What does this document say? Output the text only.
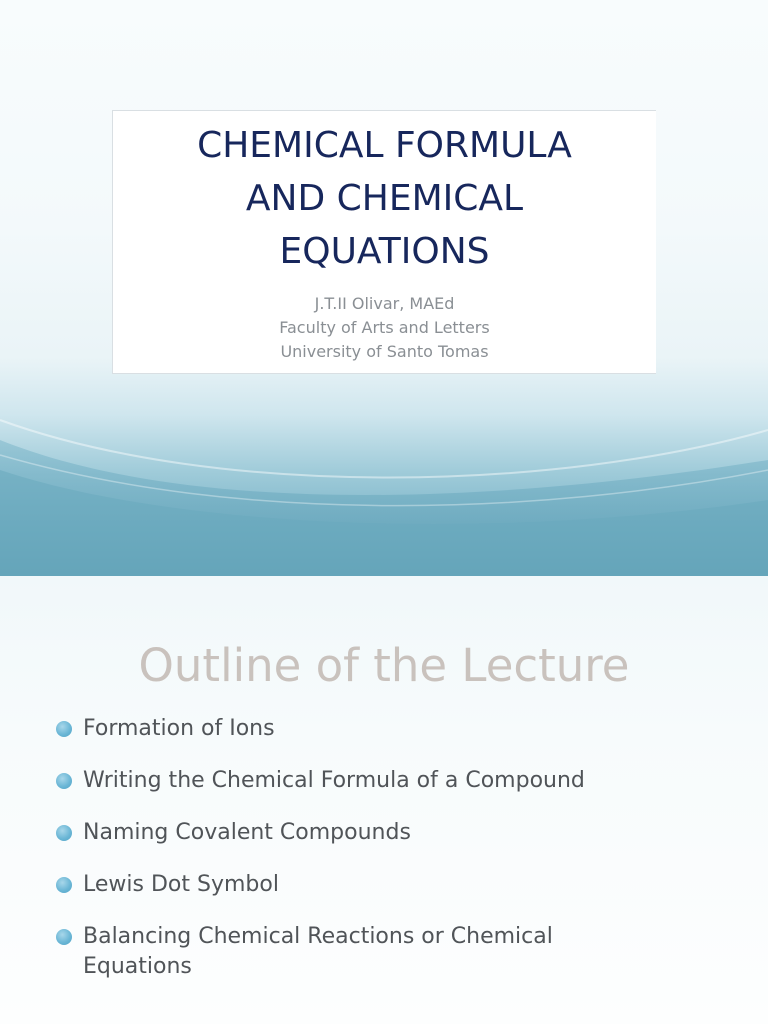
CHEMICAL FORMULA
AND CHEMICAL
EQUATIONS
J.T.II Olivar, MAEd
Faculty of Arts and Letters
University of Santo Tomas
Outline of the Lecture
Formation of Ions
Writing the Chemical Formula of a Compound
Naming Covalent Compounds
Lewis Dot Symbol
Balancing Chemical Reactions or Chemical
Equations
